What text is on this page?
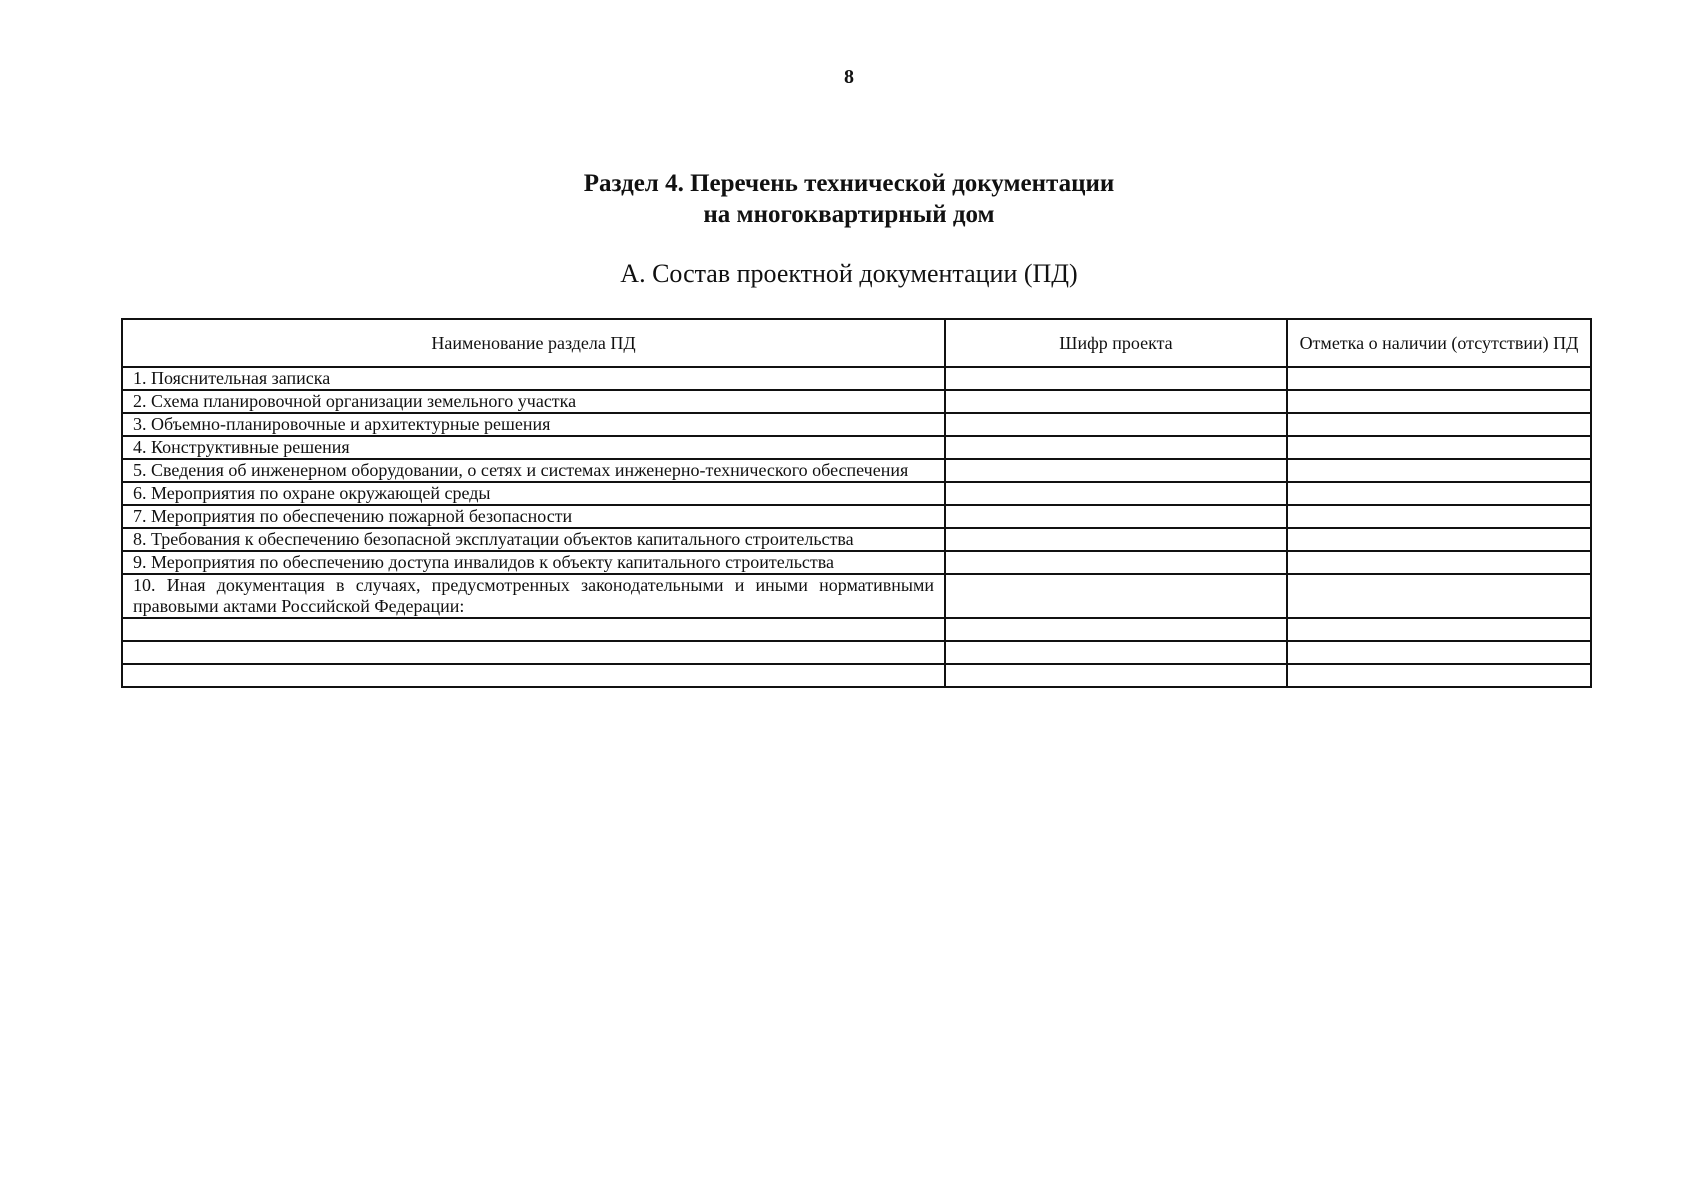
8
Раздел 4. Перечень технической документации
на многоквартирный дом
А. Состав проектной документации (ПД)
Наименование раздела ПД	Шифр проекта	Отметка о наличии (отсутствии) ПД
1. Пояснительная записка		
2. Схема планировочной организации земельного участка		
3. Объемно-планировочные и архитектурные решения		
4. Конструктивные решения		
5. Сведения об инженерном оборудовании, о сетях и системах инженерно-технического обеспечения		
6. Мероприятия по охране окружающей среды		
7. Мероприятия по обеспечению пожарной безопасности		
8. Требования к обеспечению безопасной эксплуатации объектов капитального строительства		
9. Мероприятия по обеспечению доступа инвалидов к объекту капитального строительства		
10. Иная документация в случаях, предусмотренных законодательными и иными нормативными правовыми актами Российской Федерации:		
